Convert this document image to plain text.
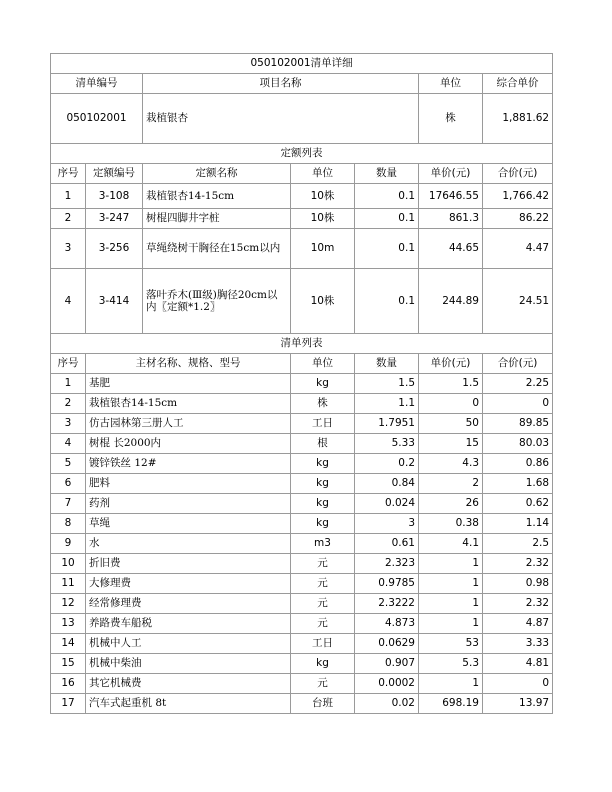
050102001清单详细						
清单编号		项目名称			单位	综合单价
050102001		栽植银杏			株	1,881.62
定额列表						
序号	定额编号	定额名称	单位	数量	单价(元)	合价(元)
1	3-108	栽植银杏14-15cm	10株	0.1	17646.55	1,766.42
2	3-247	树棍四脚井字桩	10株	0.1	861.3	86.22
3	3-256	草绳绕树干胸径在15cm以内	10m	0.1	44.65	4.47
4	3-414	落叶乔木(Ⅲ级)胸径20cm以内〖定额*1.2〗	10株	0.1	244.89	24.51
清单列表						
序号	主材名称、规格、型号		单位	数量	单价(元)	合价(元)
1	基肥		kg	1.5	1.5	2.25
2	栽植银杏14-15cm		株	1.1	0	0
3	仿古园林第三册人工		工日	1.7951	50	89.85
4	树棍 长2000内		根	5.33	15	80.03
5	镀锌铁丝 12#		kg	0.2	4.3	0.86
6	肥料		kg	0.84	2	1.68
7	药剂		kg	0.024	26	0.62
8	草绳		kg	3	0.38	1.14
9	水		m3	0.61	4.1	2.5
10	折旧费		元	2.323	1	2.32
11	大修理费		元	0.9785	1	0.98
12	经常修理费		元	2.3222	1	2.32
13	养路费车船税		元	4.873	1	4.87
14	机械中人工		工日	0.0629	53	3.33
15	机械中柴油		kg	0.907	5.3	4.81
16	其它机械费		元	0.0002	1	0
17	汽车式起重机 8t		台班	0.02	698.19	13.97
